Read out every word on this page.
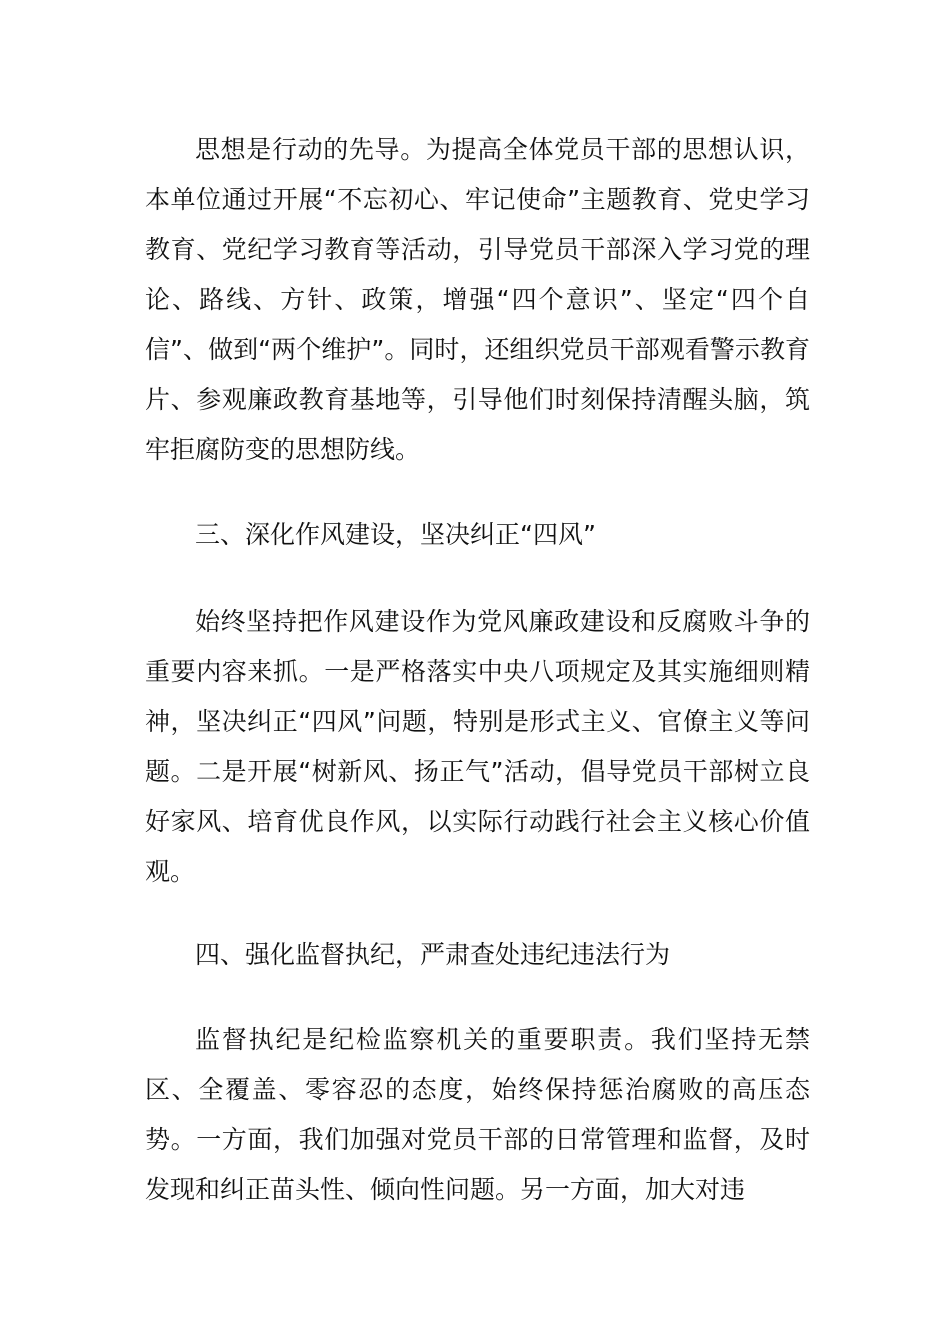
思想是行动的先导。为提高全体党员干部的思想认识，本单位通过开展“不忘初心、牢记使命”主题教育、党史学习教育、党纪学习教育等活动，引导党员干部深入学习党的理论、路线、方针、政策，增强“四个意识”、坚定“四个自信”、做到“两个维护”。同时，还组织党员干部观看警示教育片、参观廉政教育基地等，引导他们时刻保持清醒头脑，筑牢拒腐防变的思想防线。

三、深化作风建设，坚决纠正“四风”

始终坚持把作风建设作为党风廉政建设和反腐败斗争的重要内容来抓。一是严格落实中央八项规定及其实施细则精神，坚决纠正“四风”问题，特别是形式主义、官僚主义等问题。二是开展“树新风、扬正气”活动，倡导党员干部树立良好家风、培育优良作风，以实际行动践行社会主义核心价值观。

四、强化监督执纪，严肃查处违纪违法行为

监督执纪是纪检监察机关的重要职责。我们坚持无禁区、全覆盖、零容忍的态度，始终保持惩治腐败的高压态势。一方面，我们加强对党员干部的日常管理和监督，及时发现和纠正苗头性、倾向性问题。另一方面，加大对违
